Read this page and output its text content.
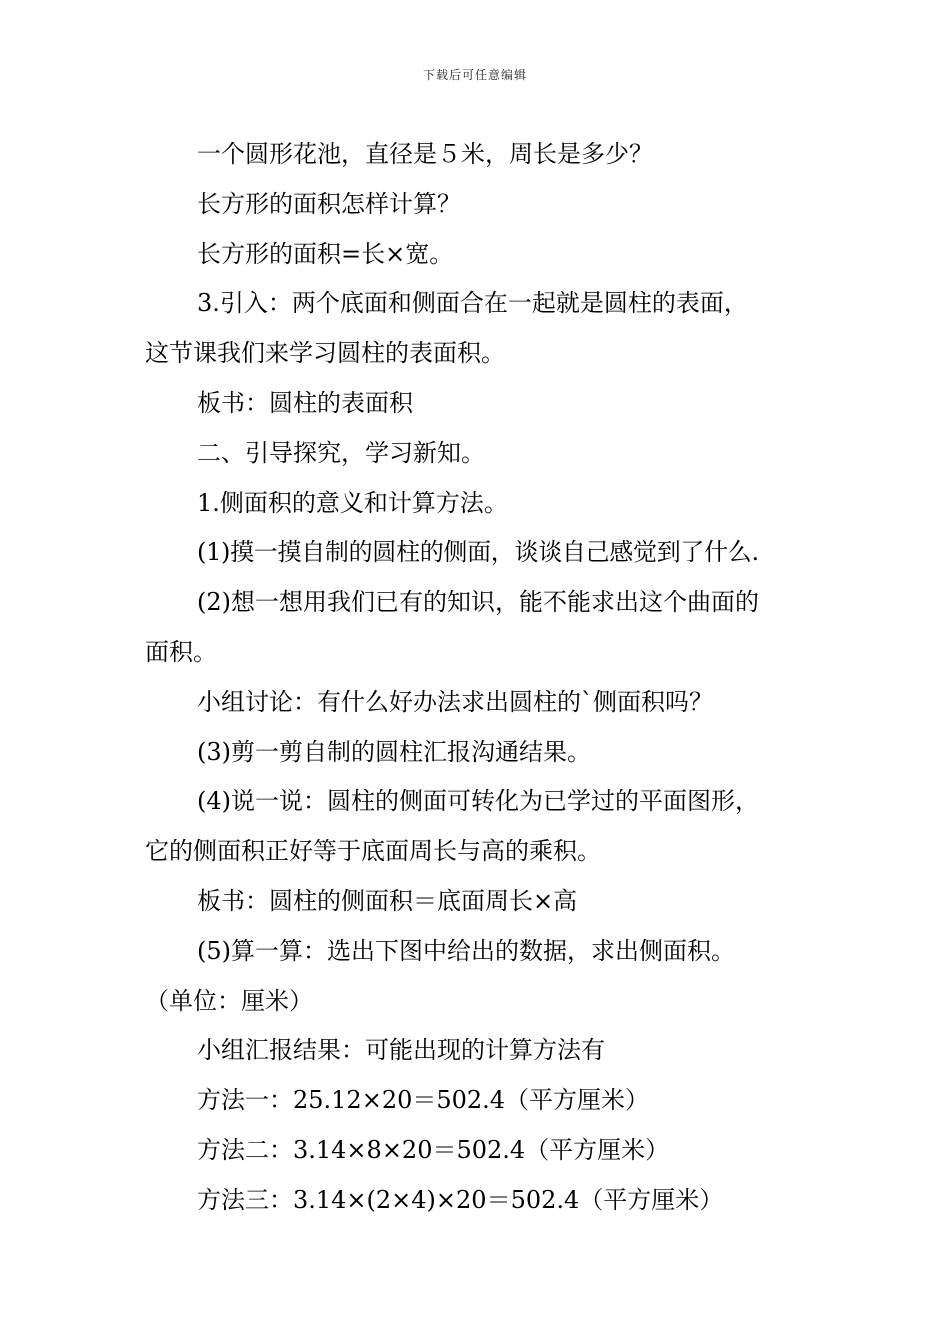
下载后可任意编辑

一个圆形花池，直径是５米，周长是多少？

长方形的面积怎样计算？

长方形的面积=长×宽。

3.引入：两个底面和侧面合在一起就是圆柱的表面，

这节课我们来学习圆柱的表面积。

板书：圆柱的表面积

二、引导探究，学习新知。

1.侧面积的意义和计算方法。

(1)摸一摸自制的圆柱的侧面，谈谈自己感觉到了什么.

(2)想一想用我们已有的知识，能不能求出这个曲面的

面积。

小组讨论：有什么好办法求出圆柱的`侧面积吗？

(3)剪一剪自制的圆柱汇报沟通结果。

(4)说一说：圆柱的侧面可转化为已学过的平面图形，

它的侧面积正好等于底面周长与高的乘积。

板书：圆柱的侧面积＝底面周长×高

(5)算一算：选出下图中给出的数据，求出侧面积。

（单位：厘米）

小组汇报结果：可能出现的计算方法有

方法一：25.12×20＝502.4（平方厘米）

方法二：3.14×8×20＝502.4（平方厘米）

方法三：3.14×(2×4)×20＝502.4（平方厘米）
